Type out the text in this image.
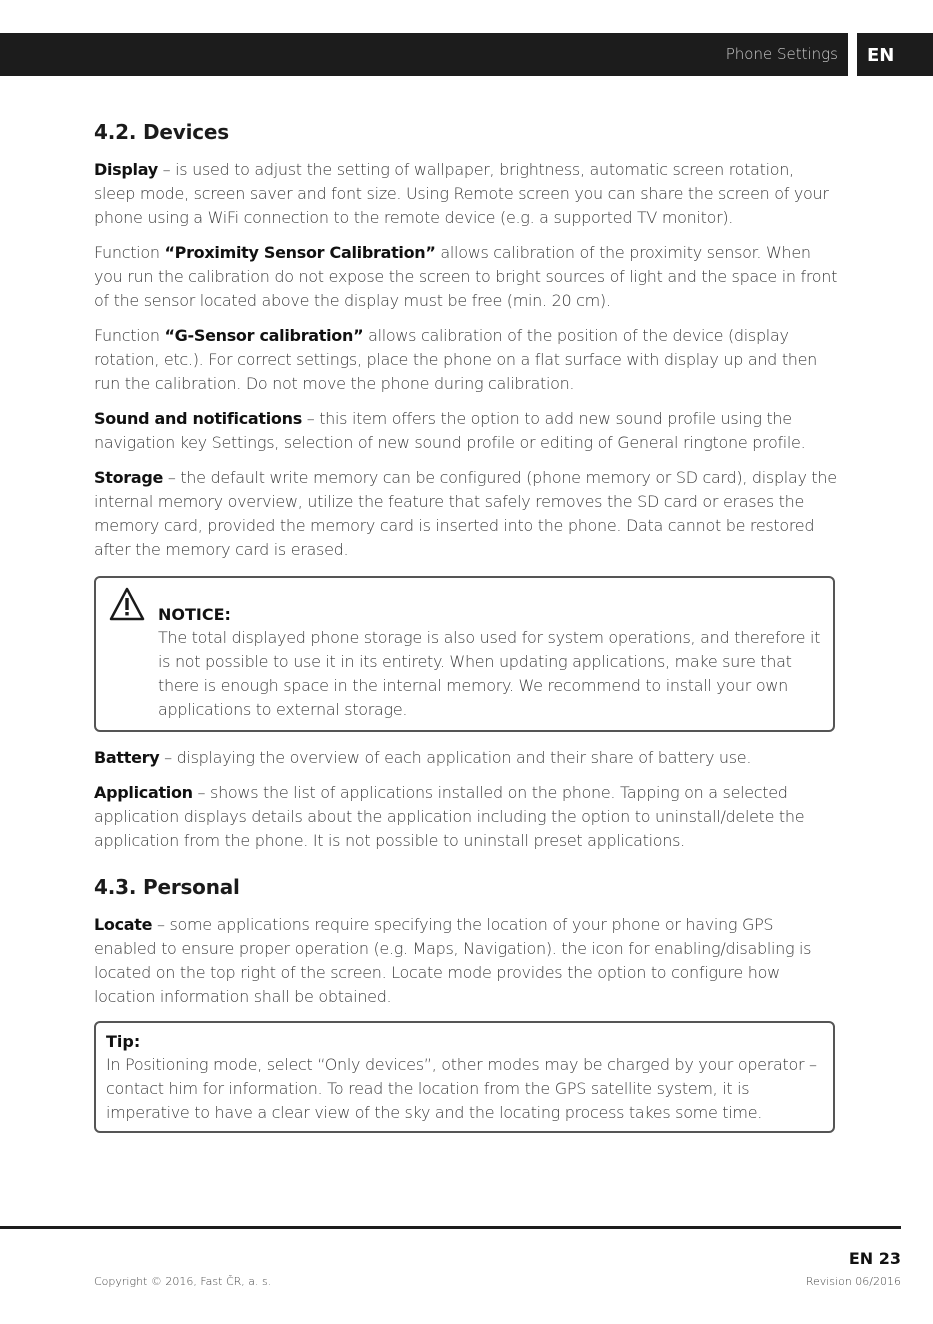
Phone Settings	EN
4.2. Devices

Display – is used to adjust the setting of wallpaper, brightness, automatic screen rotation, sleep mode, screen saver and font size. Using Remote screen you can share the screen of your phone using a WiFi connection to the remote device (e.g. a supported TV monitor).

Function “Proximity Sensor Calibration” allows calibration of the proximity sensor. When you run the calibration do not expose the screen to bright sources of light and the space in front of the sensor located above the display must be free (min. 20 cm).

Function “G-Sensor calibration” allows calibration of the position of the device (display rotation, etc.). For correct settings, place the phone on a flat surface with display up and then run the calibration. Do not move the phone during calibration.

Sound and notifications – this item offers the option to add new sound profile using the navigation key Settings, selection of new sound profile or editing of General ringtone profile.

Storage – the default write memory can be configured (phone memory or SD card), display the internal memory overview, utilize the feature that safely removes the SD card or erases the memory card, provided the memory card is inserted into the phone. Data cannot be restored after the memory card is erased.

NOTICE:

The total displayed phone storage is also used for system operations, and therefore it is not possible to use it in its entirety. When updating applications, make sure that there is enough space in the internal memory. We recommend to install your own applications to external storage.

Battery – displaying the overview of each application and their share of battery use.

Application – shows the list of applications installed on the phone. Tapping on a selected application displays details about the application including the option to uninstall/delete the application from the phone. It is not possible to uninstall preset applications.

4.3. Personal

Locate – some applications require specifying the location of your phone or having GPS enabled to ensure proper operation (e.g. Maps, Navigation). the icon for enabling/disabling is located on the top right of the screen. Locate mode provides the option to configure how location information shall be obtained.

Tip:

In Positioning mode, select “Only devices”, other modes may be charged by your operator – contact him for information. To read the location from the GPS satellite system, it is imperative to have a clear view of the sky and the locating process takes some time.

EN 23
Copyright © 2016, Fast ČR, a. s.	Revision 06/2016
